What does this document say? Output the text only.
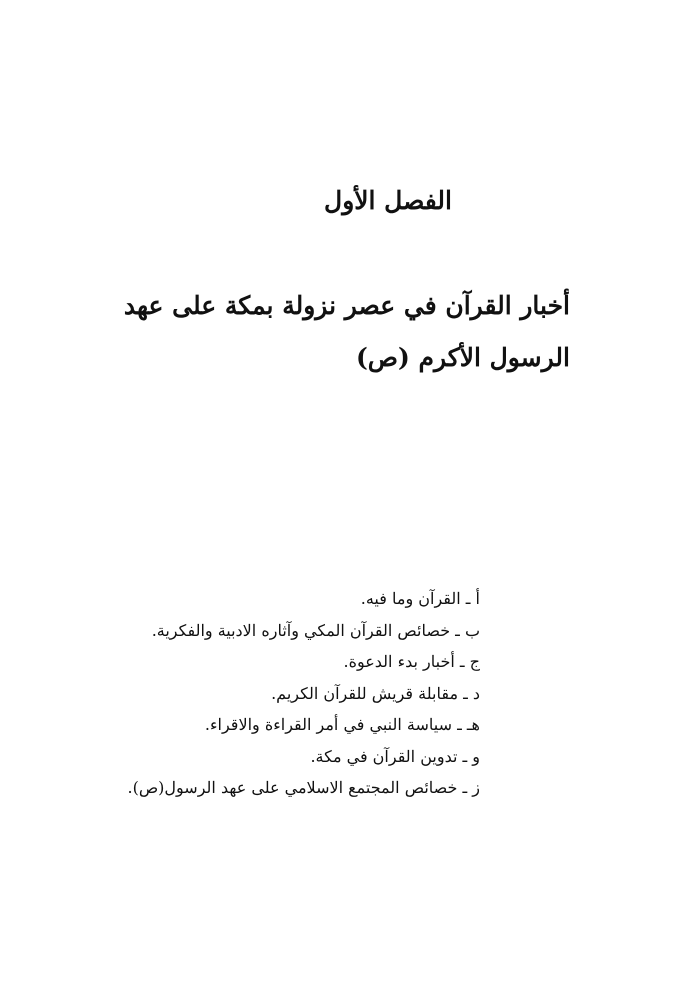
الفصل الأول
أخبار القرآن في عصر نزولة بمكة على عهد
الرسول الأكرم (ص)
أ ـ القرآن وما فيه.
ب ـ خصائص القرآن المكي وآثاره الادبية والفكرية.
ج ـ أخبار بدء الدعوة.
د ـ مقابلة قريش للقرآن الكريم.
هـ ـ سياسة النبي في أمر القراءة والاقراء.
و ـ تدوين القرآن في مكة.
ز ـ خصائص المجتمع الاسلامي على عهد الرسول(ص).
